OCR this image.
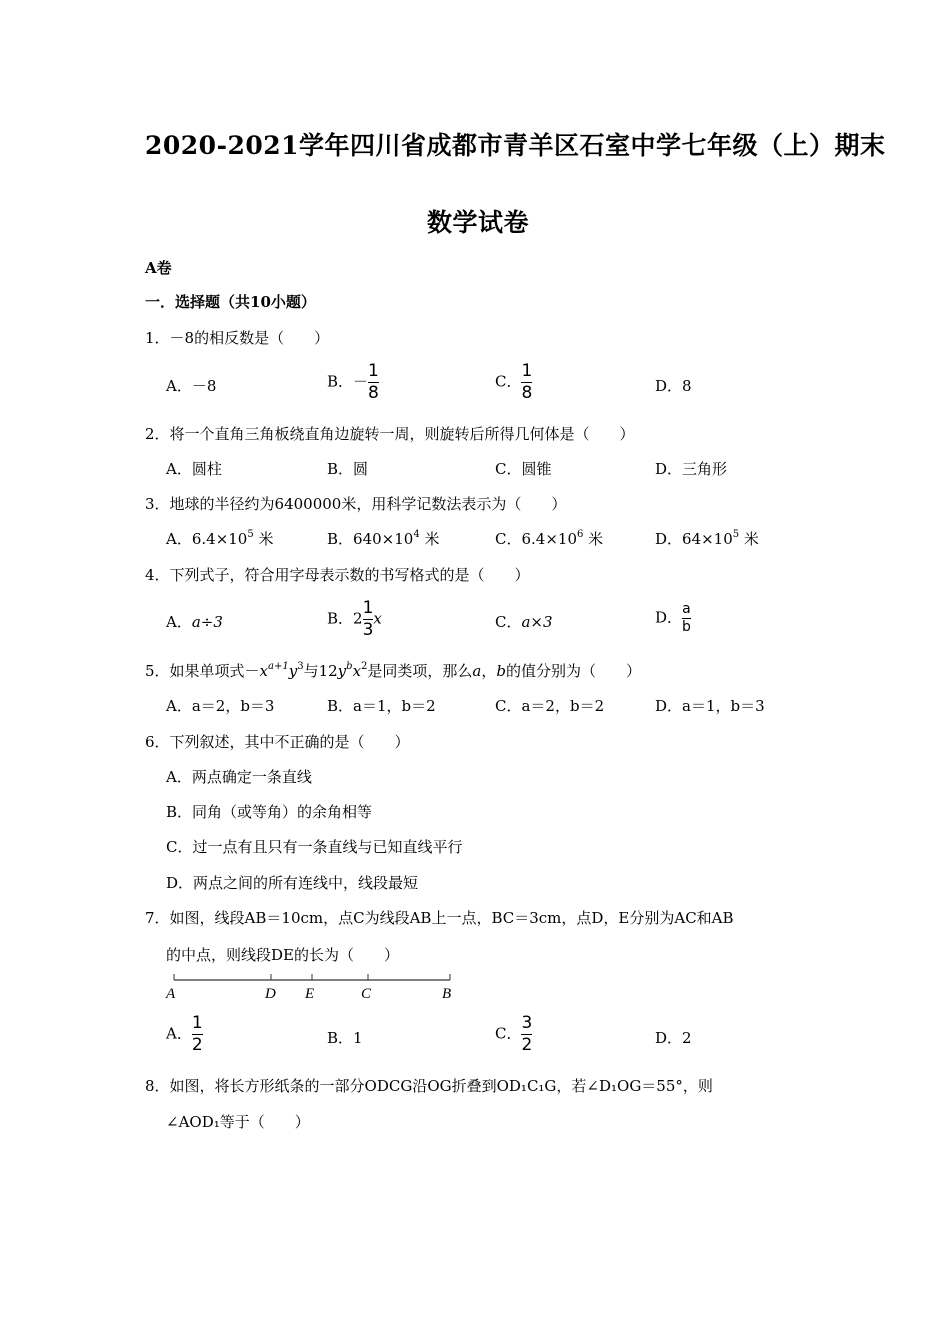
2020-2021学年四川省成都市青羊区石室中学七年级（上）期末
数学试卷
A卷
一．选择题（共10小题）
1．－8的相反数是（　　）
A．－8	B．－ $\frac{1}{8}$	C． $\frac{1}{8}$	D．8
2．将一个直角三角板绕直角边旋转一周，则旋转后所得几何体是（　　）
A．圆柱	B．圆	C．圆锥	D．三角形
3．地球的半径约为6400000米，用科学记数法表示为（　　）
A．$6.4\times 10^5$ 米	B．$640\times 10^4$ 米	C．$6.4\times 10^6$ 米	D．$64\times 10^5$ 米
4．下列式子，符合用字母表示数的书写格式的是（　　）
A．a÷3	B．$2 \frac{1}{3}$ x	C．a×3	D． $\frac{a}{b}$
5．如果单项式$-x^{a+1}y^3$与$12y^bx^2$是同类项，那么a，b的值分别为（　　）
A．a＝2，b＝3	B．a＝1，b＝2	C．a＝2，b＝2	D．a＝1，b＝3
6．下列叙述，其中不正确的是（　　）
A．两点确定一条直线
B．同角（或等角）的余角相等
C．过一点有且只有一条直线与已知直线平行
D．两点之间的所有连线中，线段最短
7．如图，线段AB＝10cm，点C为线段AB上一点，BC＝3cm，点D，E分别为AC和AB
的中点，则线段DE的长为（　　）
A	D E	C	B
A． $\frac{1}{2}$	B．1	C． $\frac{3}{2}$	D．2
8．如图，将长方形纸条的一部分ODCG沿OG折叠到OD₁C₁G，若∠D₁OG＝55°，则
∠AOD₁等于（　　）
